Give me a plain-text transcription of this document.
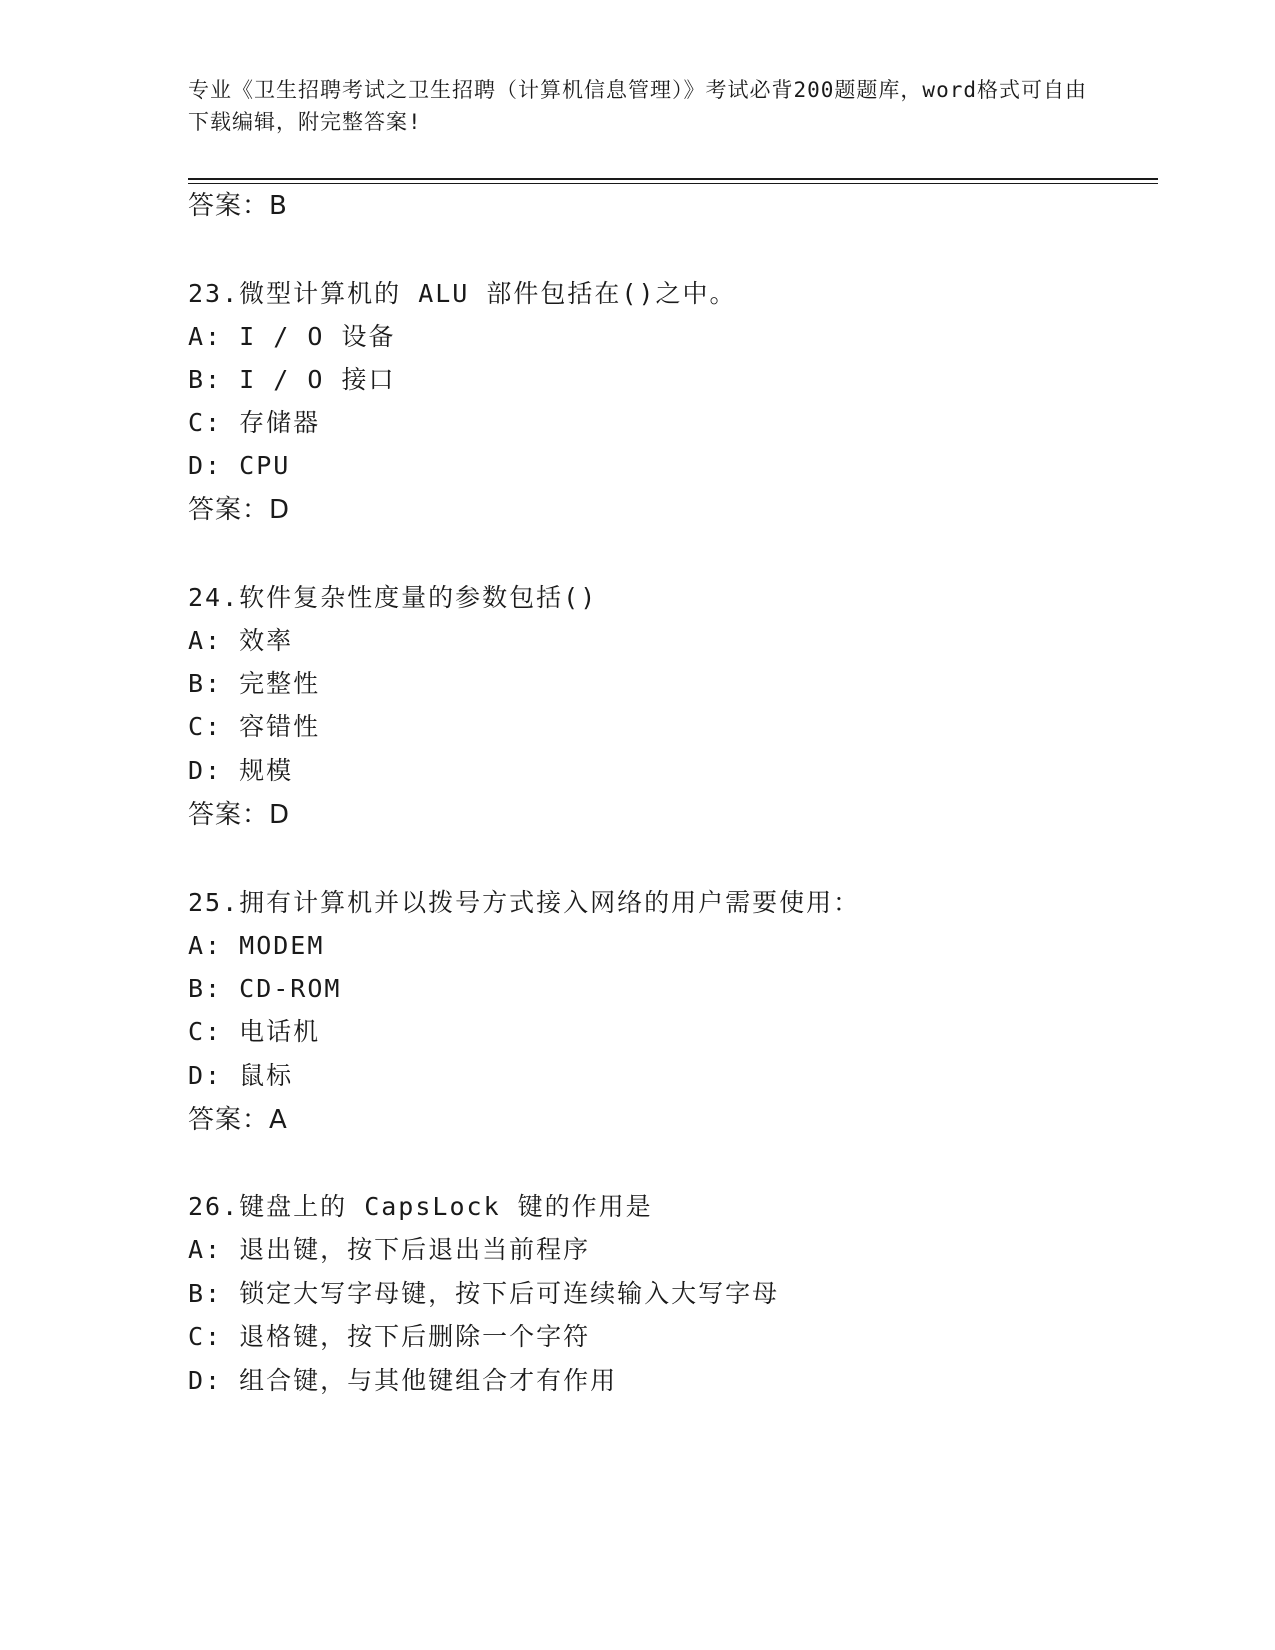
专业《卫生招聘考试之卫生招聘（计算机信息管理）》考试必背200题题库，word格式可自由下载编辑，附完整答案!
答案：B
23.微型计算机的 ALU 部件包括在()之中。
A: I / O 设备
B: I / O 接口
C: 存储器
D: CPU
答案：D
24.软件复杂性度量的参数包括()
A: 效率
B: 完整性
C: 容错性
D: 规模
答案：D
25.拥有计算机并以拨号方式接入网络的用户需要使用：
A: MODEM
B: CD-ROM
C: 电话机
D: 鼠标
答案：A
26.键盘上的 CapsLock 键的作用是
A: 退出键，按下后退出当前程序
B: 锁定大写字母键，按下后可连续输入大写字母
C: 退格键，按下后删除一个字符
D: 组合键，与其他键组合才有作用
